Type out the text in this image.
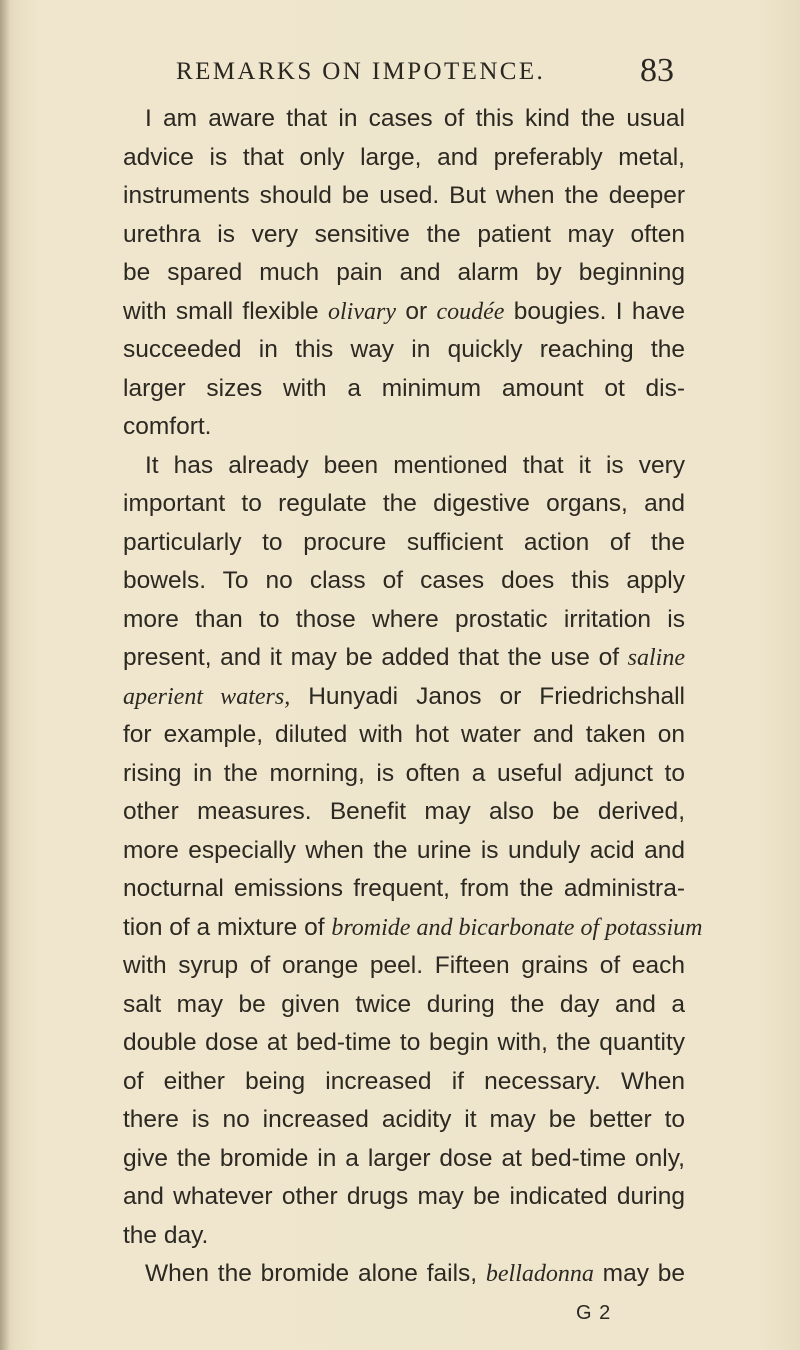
REMARKS ON IMPOTENCE.	83
I am aware that in cases of this kind the usual
advice is that only large, and preferably metal,
instruments should be used. But when the deeper
urethra is very sensitive the patient may often
be spared much pain and alarm by beginning
with small flexible olivary or coudée bougies. I have
succeeded in this way in quickly reaching the
larger sizes with a minimum amount ot dis-
comfort.
It has already been mentioned that it is very
important to regulate the digestive organs, and
particularly to procure sufficient action of the
bowels. To no class of cases does this apply
more than to those where prostatic irritation is
present, and it may be added that the use of saline
aperient waters, Hunyadi Janos or Friedrichshall
for example, diluted with hot water and taken on
rising in the morning, is often a useful adjunct to
other measures. Benefit may also be derived,
more especially when the urine is unduly acid and
nocturnal emissions frequent, from the administra-
tion of a mixture of bromide and bicarbonate of potassium
with syrup of orange peel. Fifteen grains of each
salt may be given twice during the day and a
double dose at bed-time to begin with, the quantity
of either being increased if necessary. When
there is no increased acidity it may be better to
give the bromide in a larger dose at bed-time only,
and whatever other drugs may be indicated during
the day.
When the bromide alone fails, belladonna may be
G 2
